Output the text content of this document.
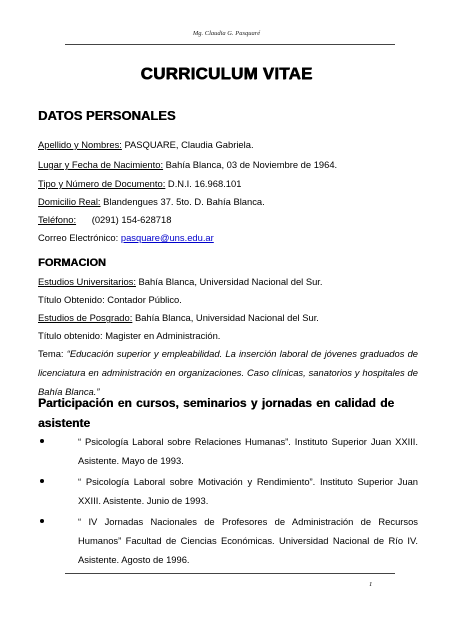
Mg. Claudia G. Pasquaré
CURRICULUM VITAE
DATOS PERSONALES
Apellido y Nombres: PASQUARE, Claudia Gabriela.
Lugar y Fecha de Nacimiento: Bahía Blanca, 03 de Noviembre de 1964.
Tipo y Número de Documento: D.N.I. 16.968.101
Domicilio Real: Blandengues 37. 5to. D. Bahía Blanca.
Teléfono:      (0291) 154-628718
Correo Electrónico: pasquare@uns.edu.ar
FORMACION
Estudios Universitarios: Bahía Blanca, Universidad Nacional del Sur.
Título Obtenido: Contador Público.
Estudios de Posgrado: Bahía Blanca, Universidad Nacional del Sur.
Título obtenido: Magister en Administración.
Tema: “Educación superior y empleabilidad. La inserción laboral de jóvenes graduados de licenciatura en administración en organizaciones. Caso clínicas, sanatorios y hospitales de Bahía Blanca.”
Participación en cursos, seminarios y jornadas en calidad de asistente
“ Psicología Laboral sobre Relaciones Humanas”. Instituto Superior Juan XXIII. Asistente. Mayo de 1993.
“ Psicología Laboral sobre Motivación y Rendimiento”. Instituto Superior Juan XXIII. Asistente. Junio de 1993.
“ IV Jornadas Nacionales de Profesores de Administración de Recursos Humanos” Facultad de Ciencias Económicas. Universidad Nacional de Río IV. Asistente. Agosto de 1996.
1
